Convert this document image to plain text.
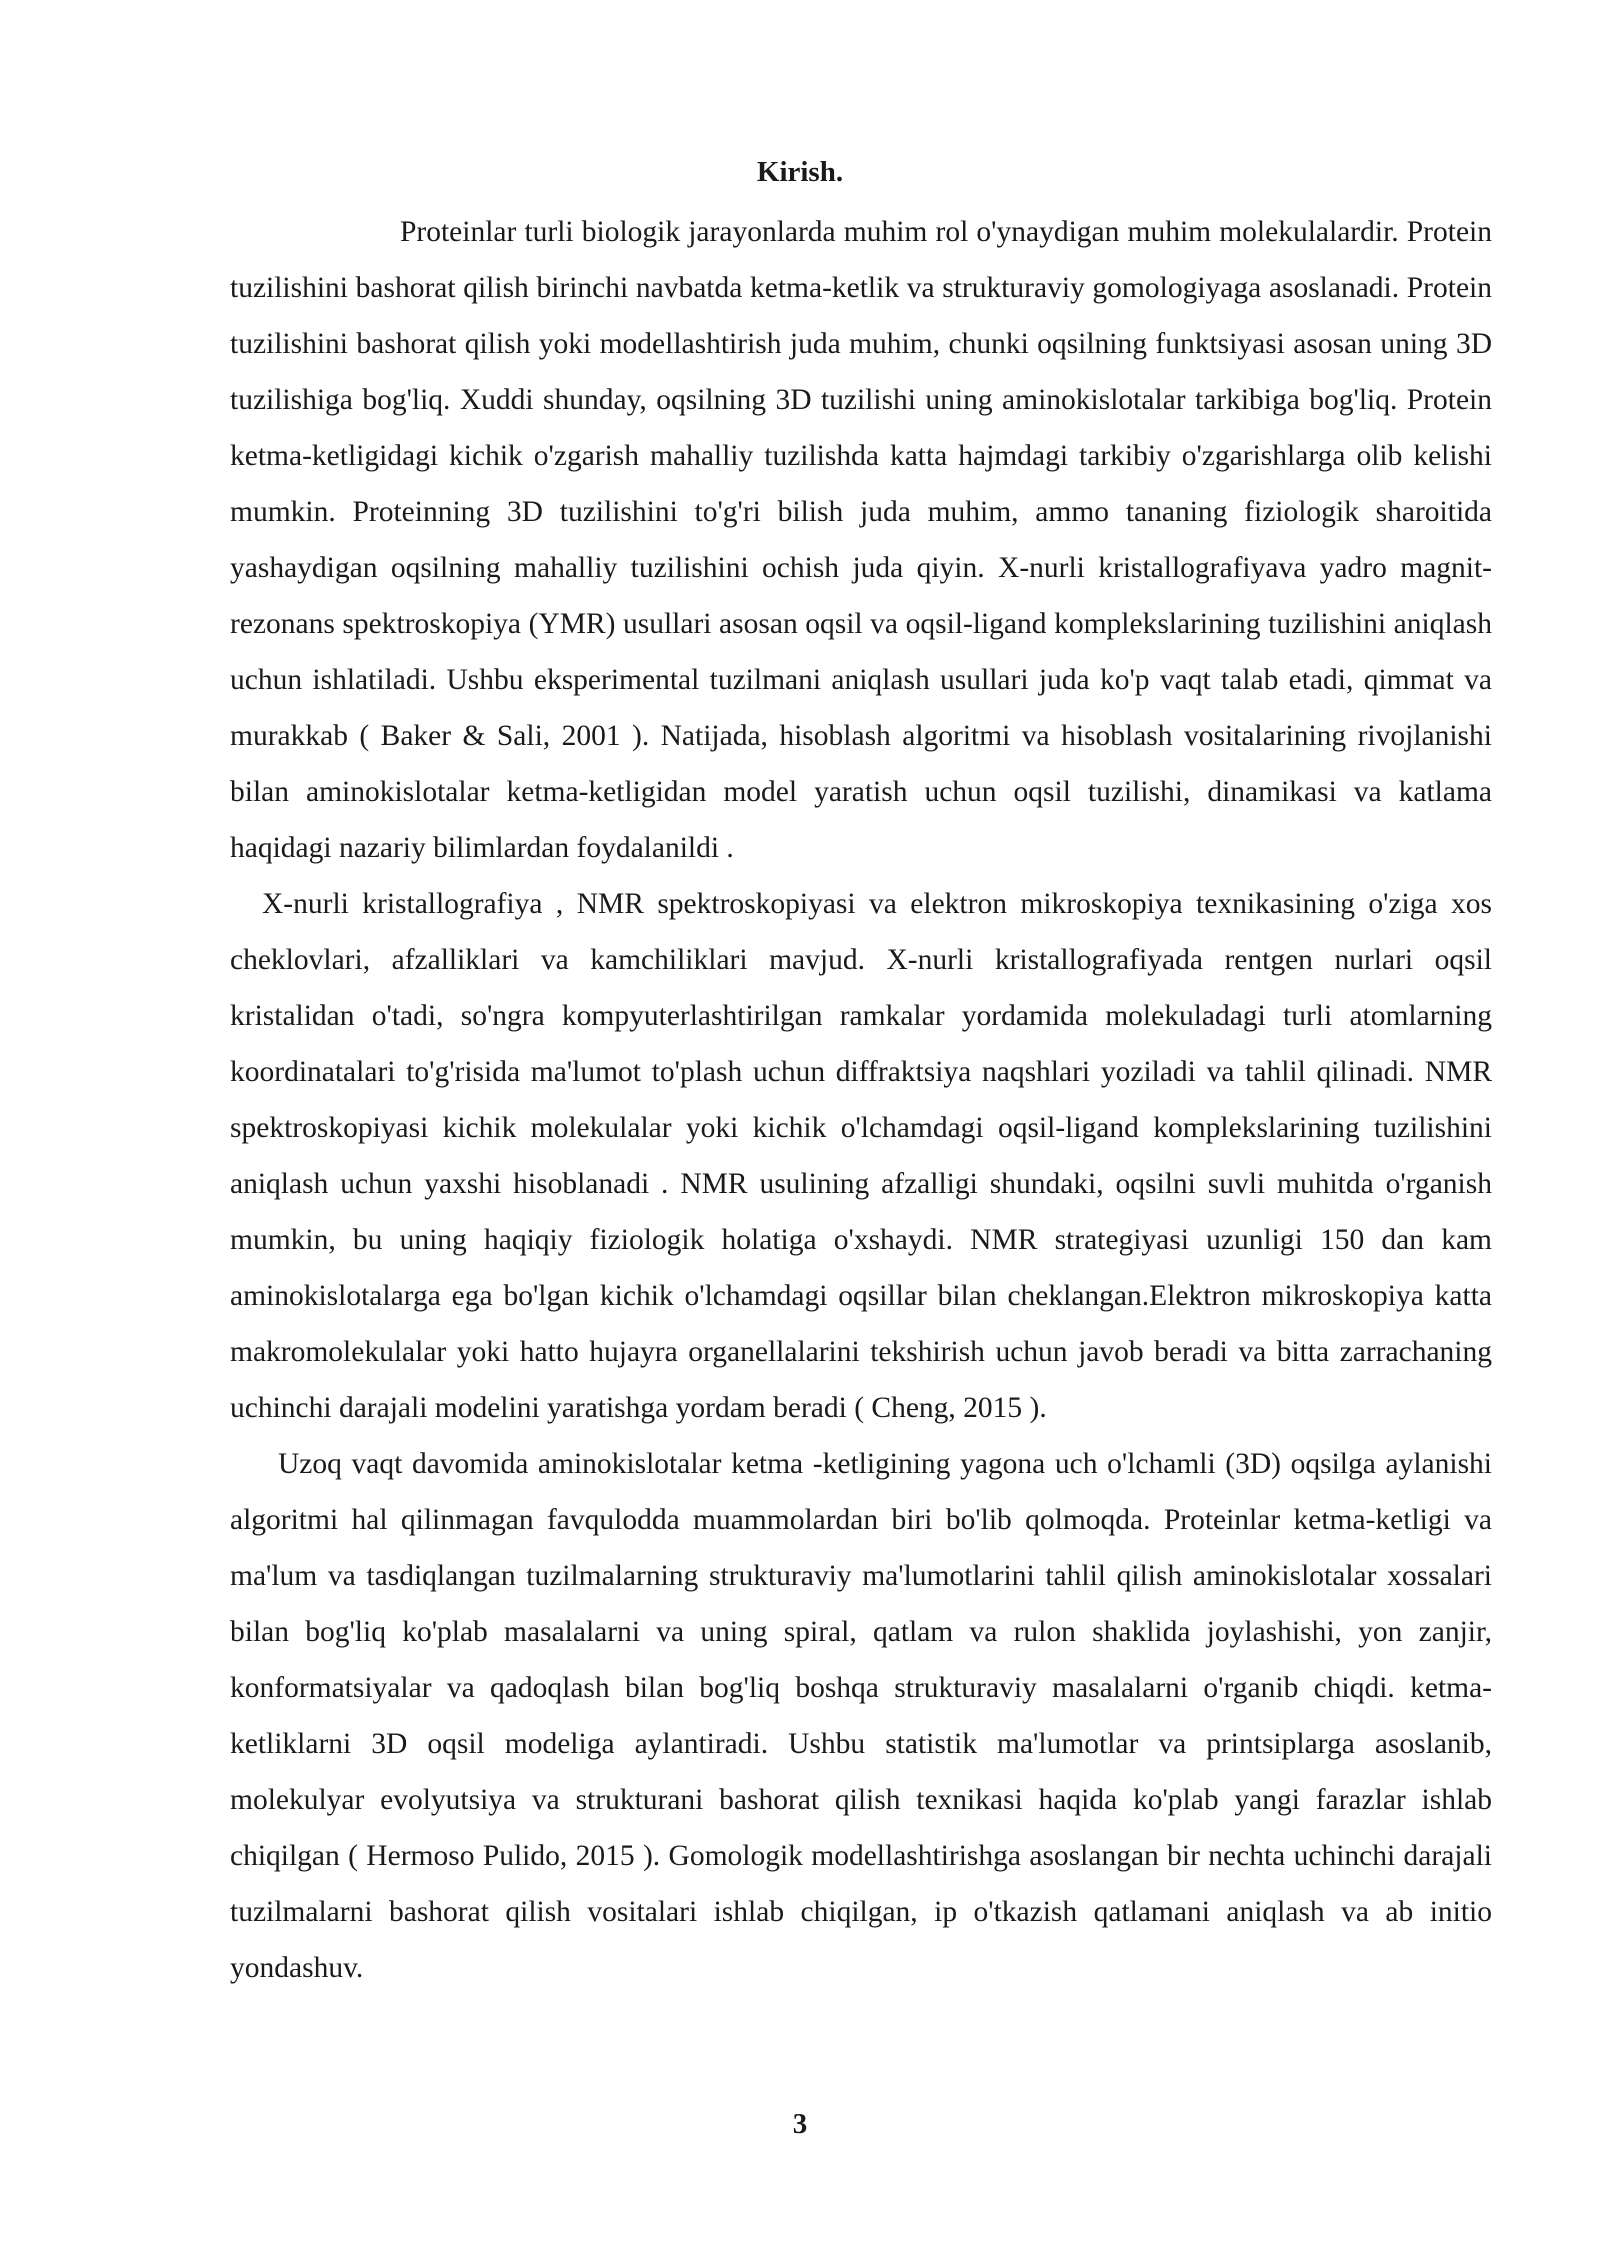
Kirish.

Proteinlar turli biologik jarayonlarda muhim rol o'ynaydigan muhim molekulalardir. Protein tuzilishini bashorat qilish birinchi navbatda ketma-ketlik va strukturaviy gomologiyaga asoslanadi. Protein tuzilishini bashorat qilish yoki modellashtirish juda muhim, chunki oqsilning funktsiyasi asosan uning 3D tuzilishiga bog'liq. Xuddi shunday, oqsilning 3D tuzilishi uning aminokislotalar tarkibiga bog'liq. Protein ketma-ketligidagi kichik o'zgarish mahalliy tuzilishda katta hajmdagi tarkibiy o'zgarishlarga olib kelishi mumkin. Proteinning 3D tuzilishini to'g'ri bilish juda muhim, ammo tananing fiziologik sharoitida yashaydigan oqsilning mahalliy tuzilishini ochish juda qiyin. X-nurli kristallografiyava yadro magnit-rezonans spektroskopiya (YMR) usullari asosan oqsil va oqsil-ligand komplekslarining tuzilishini aniqlash uchun ishlatiladi. Ushbu eksperimental tuzilmani aniqlash usullari juda ko'p vaqt talab etadi, qimmat va murakkab ( Baker & Sali, 2001 ). Natijada, hisoblash algoritmi va hisoblash vositalarining rivojlanishi bilan aminokislotalar ketma-ketligidan model yaratish uchun oqsil tuzilishi, dinamikasi va katlama haqidagi nazariy bilimlardan foydalanildi .

X-nurli kristallografiya , NMR spektroskopiyasi va elektron mikroskopiya texnikasining o'ziga xos cheklovlari, afzalliklari va kamchiliklari mavjud. X-nurli kristallografiyada rentgen nurlari oqsil kristalidan o'tadi, so'ngra kompyuterlashtirilgan ramkalar yordamida molekuladagi turli atomlarning koordinatalari to'g'risida ma'lumot to'plash uchun diffraktsiya naqshlari yoziladi va tahlil qilinadi. NMR spektroskopiyasi kichik molekulalar yoki kichik o'lchamdagi oqsil-ligand komplekslarining tuzilishini aniqlash uchun yaxshi hisoblanadi . NMR usulining afzalligi shundaki, oqsilni suvli muhitda o'rganish mumkin, bu uning haqiqiy fiziologik holatiga o'xshaydi. NMR strategiyasi uzunligi 150 dan kam aminokislotalarga ega bo'lgan kichik o'lchamdagi oqsillar bilan cheklangan.Elektron mikroskopiya katta makromolekulalar yoki hatto hujayra organellalarini tekshirish uchun javob beradi va bitta zarrachaning uchinchi darajali modelini yaratishga yordam beradi ( Cheng, 2015 ).

Uzoq vaqt davomida aminokislotalar ketma -ketligining yagona uch o'lchamli (3D) oqsilga aylanishi algoritmi hal qilinmagan favqulodda muammolardan biri bo'lib qolmoqda. Proteinlar ketma-ketligi va ma'lum va tasdiqlangan tuzilmalarning strukturaviy ma'lumotlarini tahlil qilish aminokislotalar xossalari bilan bog'liq ko'plab masalalarni va uning spiral, qatlam va rulon shaklida joylashishi, yon zanjir, konformatsiyalar va qadoqlash bilan bog'liq boshqa strukturaviy masalalarni o'rganib chiqdi. ketma-ketliklarni 3D oqsil modeliga aylantiradi. Ushbu statistik ma'lumotlar va printsiplarga asoslanib, molekulyar evolyutsiya va strukturani bashorat qilish texnikasi haqida ko'plab yangi farazlar ishlab chiqilgan ( Hermoso Pulido, 2015 ). Gomologik modellashtirishga asoslangan bir nechta uchinchi darajali tuzilmalarni bashorat qilish vositalari ishlab chiqilgan, ip o'tkazish qatlamani aniqlash va ab initio yondashuv.

3
